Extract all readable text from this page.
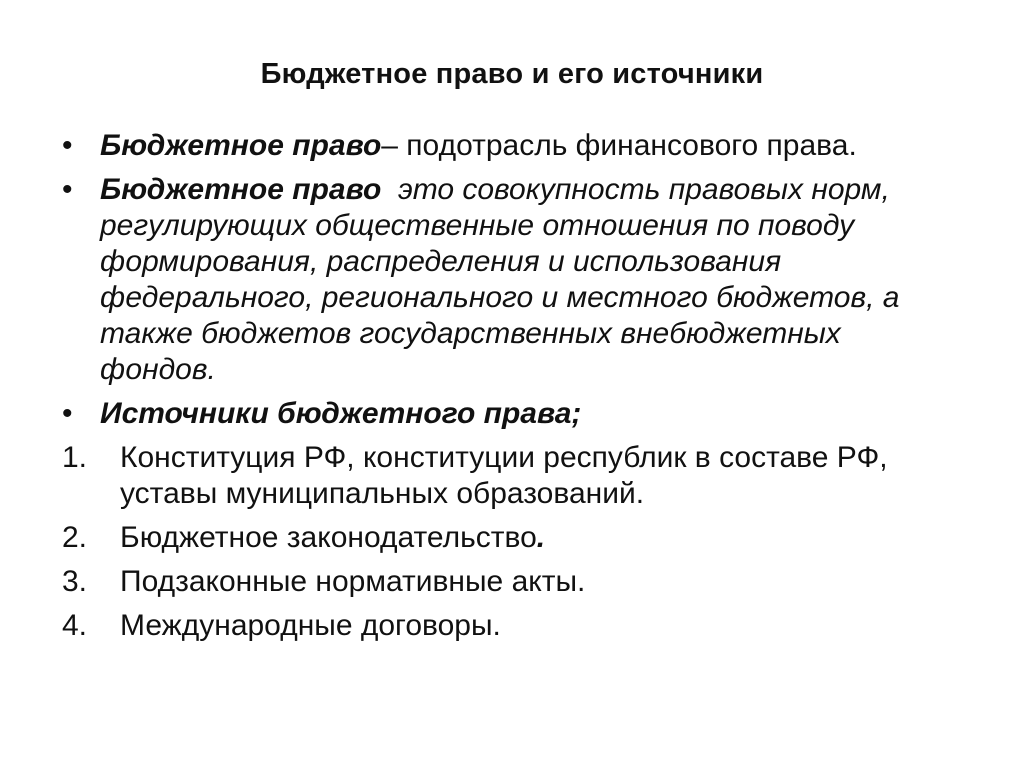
Бюджетное право и его источники
• Бюджетное право– подотрасль финансового права.
• Бюджетное право  это совокупность правовых норм, регулирующих общественные отношения по поводу формирования, распределения и использования федерального, регионального и местного бюджетов, а также бюджетов государственных внебюджетных фондов.
• Источники бюджетного права;
1. Конституция РФ, конституции республик в составе РФ, уставы муниципальных образований.
2. Бюджетное законодательство.
3. Подзаконные нормативные акты.
4. Международные договоры.
